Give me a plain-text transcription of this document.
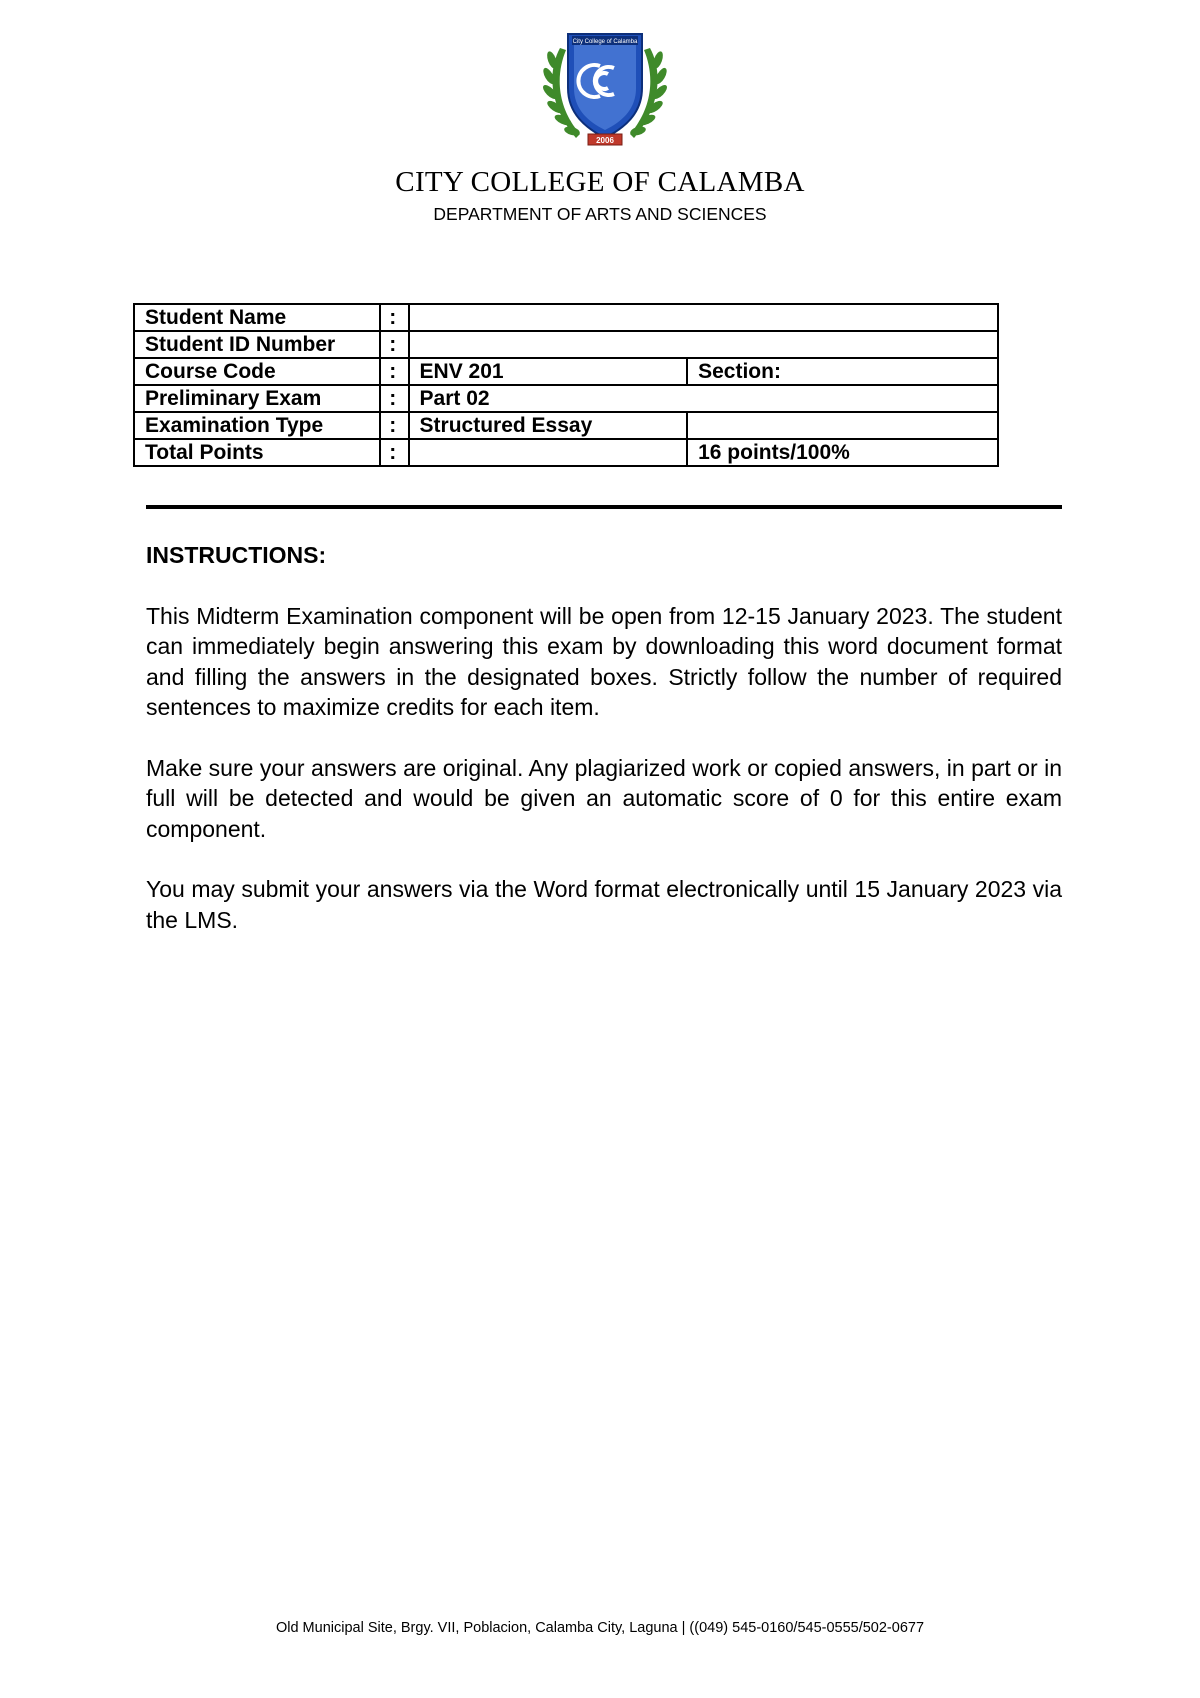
City College of Calamba
2006
CITY COLLEGE OF CALAMBA
DEPARTMENT OF ARTS AND SCIENCES
Student Name	:		
Student ID Number	:		
Course Code	:	ENV 201	Section:
Preliminary Exam	:	Part 02	
Examination Type	:	Structured Essay	
Total Points	:		16 points/100%
INSTRUCTIONS:

This Midterm Examination component will be open from 12-15 January 2023. The student can immediately begin answering this exam by downloading this word document format and filling the answers in the designated boxes. Strictly follow the number of required sentences to maximize credits for each item.

Make sure your answers are original. Any plagiarized work or copied answers, in part or in full will be detected and would be given an automatic score of 0 for this entire exam component.

You may submit your answers via the Word format electronically until 15 January 2023 via the LMS.

Old Municipal Site, Brgy. VII, Poblacion, Calamba City, Laguna | ((049) 545-0160/545-0555/502-0677
